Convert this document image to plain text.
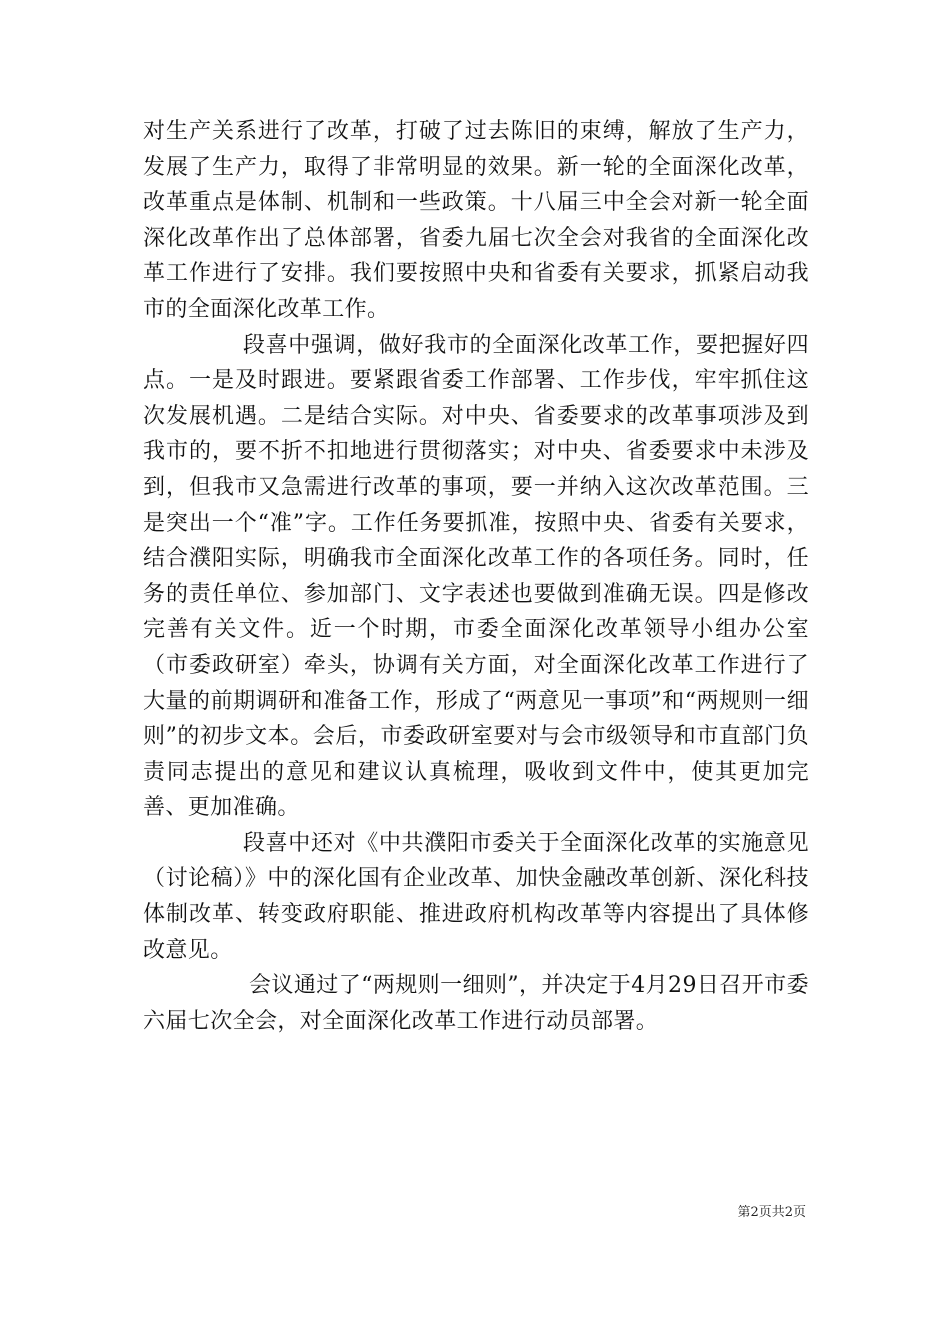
对生产关系进行了改革，打破了过去陈旧的束缚，解放了生产力，发展了生产力，取得了非常明显的效果。新一轮的全面深化改革，改革重点是体制、机制和一些政策。十八届三中全会对新一轮全面深化改革作出了总体部署，省委九届七次全会对我省的全面深化改革工作进行了安排。我们要按照中央和省委有关要求，抓紧启动我市的全面深化改革工作。

段喜中强调，做好我市的全面深化改革工作，要把握好四点。一是及时跟进。要紧跟省委工作部署、工作步伐，牢牢抓住这次发展机遇。二是结合实际。对中央、省委要求的改革事项涉及到我市的，要不折不扣地进行贯彻落实；对中央、省委要求中未涉及到，但我市又急需进行改革的事项，要一并纳入这次改革范围。三是突出一个“准”字。工作任务要抓准，按照中央、省委有关要求，结合濮阳实际，明确我市全面深化改革工作的各项任务。同时，任务的责任单位、参加部门、文字表述也要做到准确无误。四是修改完善有关文件。近一个时期，市委全面深化改革领导小组办公室（市委政研室）牵头，协调有关方面，对全面深化改革工作进行了大量的前期调研和准备工作，形成了“两意见一事项”和“两规则一细则”的初步文本。会后，市委政研室要对与会市级领导和市直部门负责同志提出的意见和建议认真梳理，吸收到文件中，使其更加完善、更加准确。

段喜中还对《中共濮阳市委关于全面深化改革的实施意见（讨论稿）》中的深化国有企业改革、加快金融改革创新、深化科技体制改革、转变政府职能、推进政府机构改革等内容提出了具体修改意见。

会议通过了“两规则一细则”，并决定于4月29日召开市委六届七次全会，对全面深化改革工作进行动员部署。

第2页共2页
